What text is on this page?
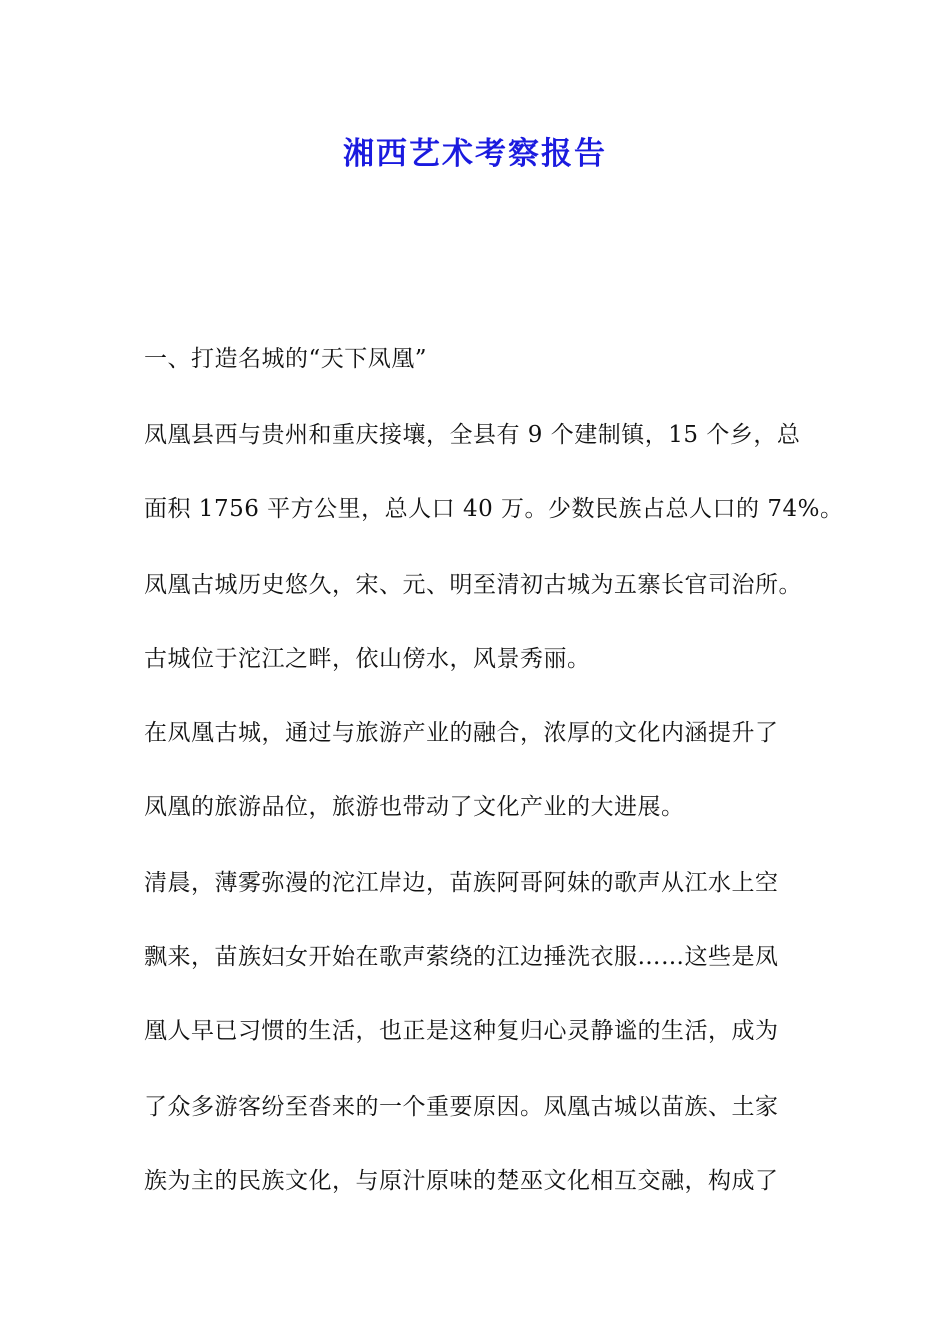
湘西艺术考察报告
一、打造名城的“天下凤凰”
凤凰县西与贵州和重庆接壤，全县有 9 个建制镇，15 个乡，总
面积 1756 平方公里，总人口 40 万。少数民族占总人口的 74%。
凤凰古城历史悠久，宋、元、明至清初古城为五寨长官司治所。
古城位于沱江之畔，依山傍水，风景秀丽。
在凤凰古城，通过与旅游产业的融合，浓厚的文化内涵提升了
凤凰的旅游品位，旅游也带动了文化产业的大进展。
清晨，薄雾弥漫的沱江岸边，苗族阿哥阿妹的歌声从江水上空
飘来，苗族妇女开始在歌声萦绕的江边捶洗衣服……这些是凤
凰人早已习惯的生活，也正是这种复归心灵静谧的生活，成为
了众多游客纷至沓来的一个重要原因。凤凰古城以苗族、土家
族为主的民族文化，与原汁原味的楚巫文化相互交融，构成了
